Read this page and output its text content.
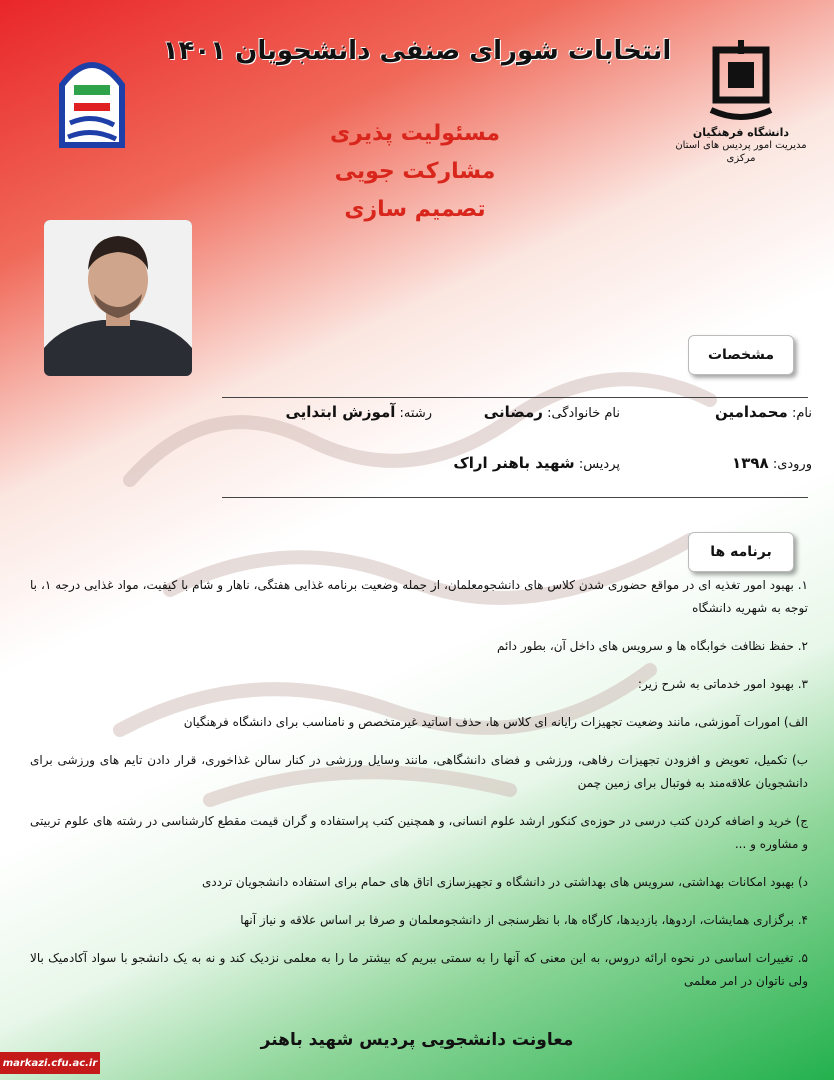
انتخابات شورای صنفی دانشجویان ۱۴۰۱
دانشگاه فرهنگیان
مدیریت امور پردیس های استان مرکزی
مسئولیت پذیری
مشارکت جویی
تصمیم سازی
مشخصات
نام: محمدامین
نام خانوادگی: رمضانی
رشته: آموزش ابتدایی
ورودی: ۱۳۹۸
پردیس: شهید باهنر اراک
برنامه ها

۱. بهبود امور تغذیه ای در مواقع حضوری شدن کلاس های دانشجومعلمان، از جمله وضعیت برنامه غذایی هفتگی، ناهار و شام با کیفیت، مواد غذایی درجه ۱، با توجه به شهریه دانشگاه

۲. حفظ نظافت خوابگاه ها و سرویس های داخل آن، بطور دائم

۳. بهبود امور خدماتی به شرح زیر:

الف) امورات آموزشی، مانند وضعیت تجهیزات رایانه ای کلاس ها، حذف اساتید غیرمتخصص و نامناسب برای دانشگاه فرهنگیان

ب) تکمیل، تعویض و افزودن تجهیزات رفاهی، ورزشی و فضای دانشگاهی، مانند وسایل ورزشی در کنار سالن غذاخوری، قرار دادن تایم های ورزشی برای دانشجویان علاقه‌مند به فوتبال برای زمین چمن

ج) خرید و اضافه کردن کتب درسی در حوزه‌ی کنکور ارشد علوم انسانی، و همچنین کتب پراستفاده و گران قیمت مقطع کارشناسی در رشته های علوم تربیتی و مشاوره و ...

د) بهبود امکانات بهداشتی، سرویس های بهداشتی در دانشگاه و تجهیزسازی اتاق های حمام برای استفاده دانشجویان ترددی

۴. برگزاری همایشات، اردوها، بازدیدها، کارگاه ها، با نظرسنجی از دانشجومعلمان و صرفا بر اساس علاقه و نیاز آنها

۵. تغییرات اساسی در نحوه ارائه دروس، به این معنی که آنها را به سمتی ببریم که بیشتر ما را به معلمی نزدیک کند و نه به یک دانشجو با سواد آکادمیک بالا ولی ناتوان در امر معلمی

معاونت دانشجویی پردیس شهید باهنر
markazi.cfu.ac.ir
